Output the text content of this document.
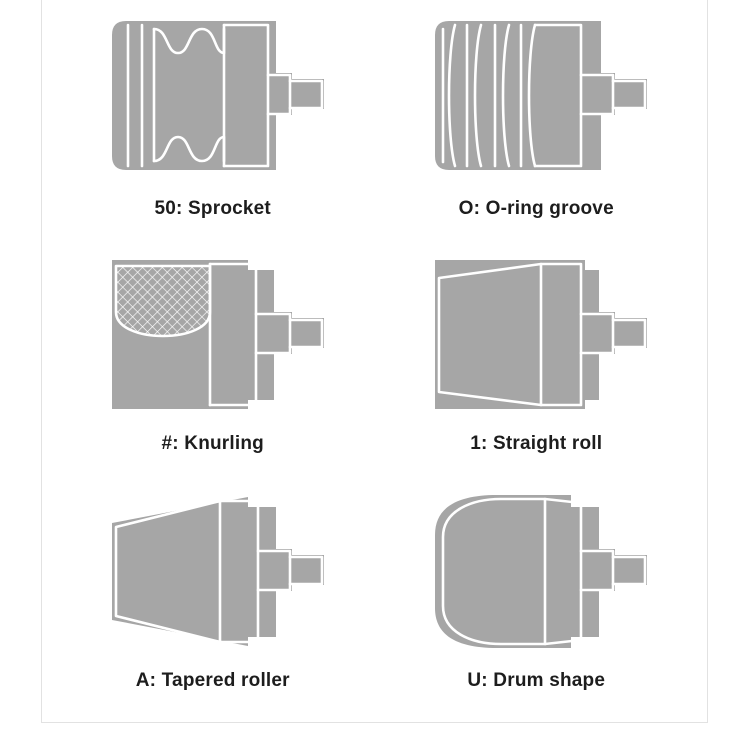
50: Sprocket	O: O-ring groove
#: Knurling	1: Straight roll
A: Tapered roller	U: Drum shape
